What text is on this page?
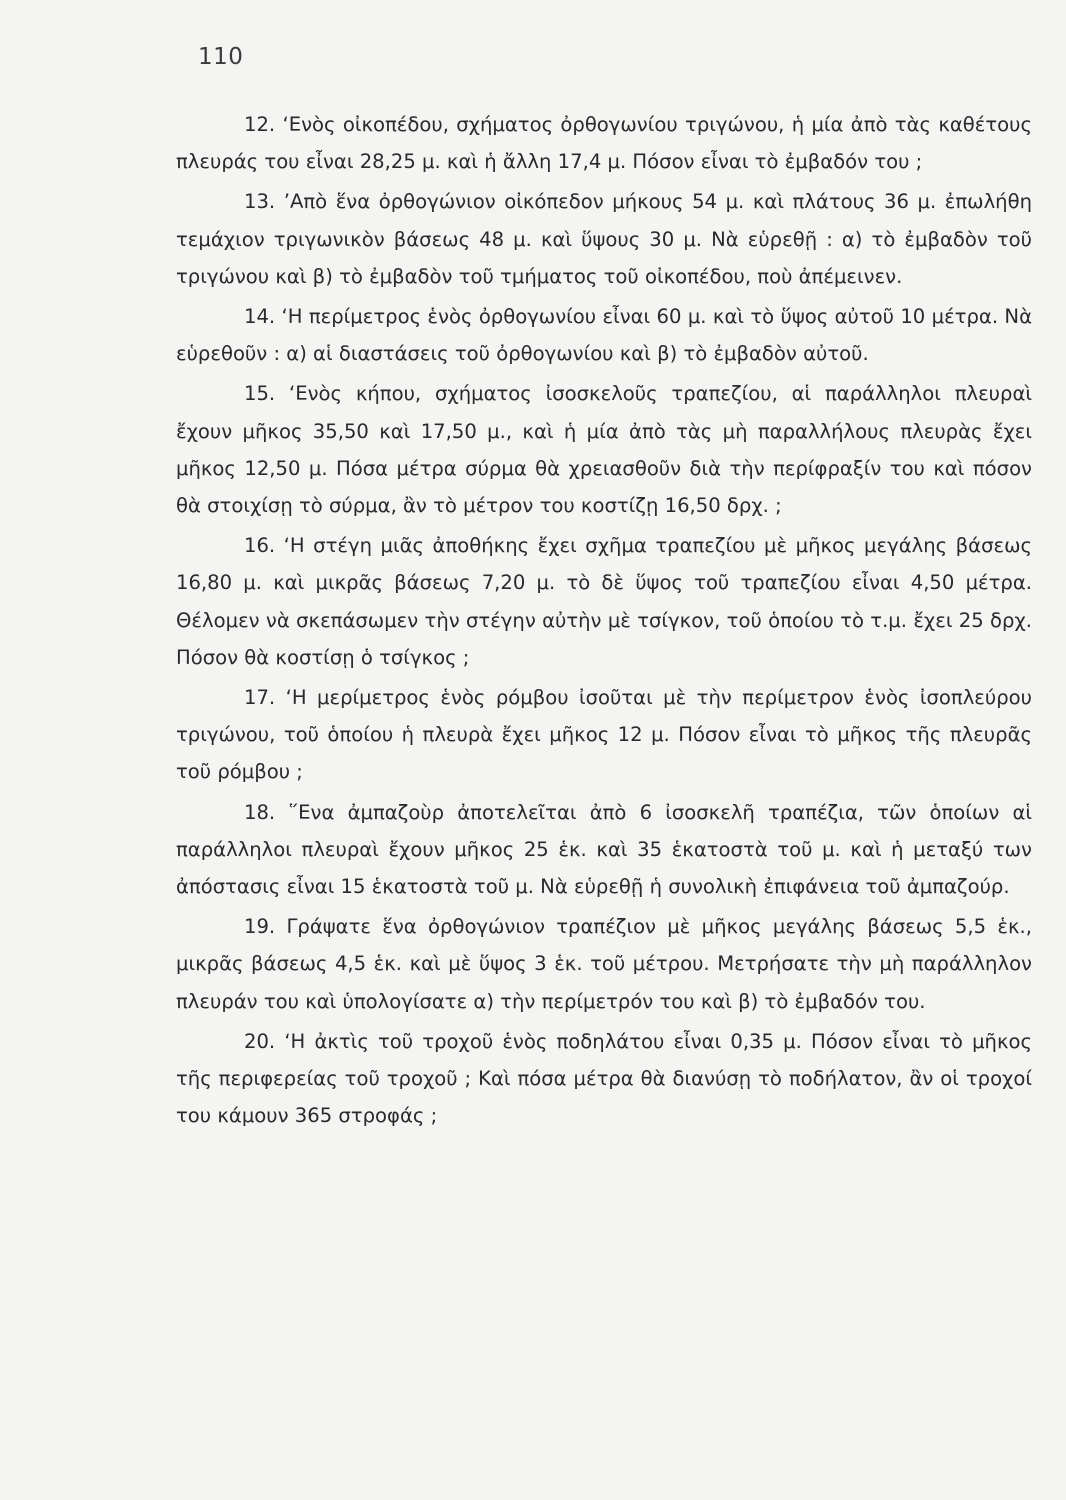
110

12. ‘Ενὸς οἰκοπέδου, σχήματος ὀρθογωνίου τριγώνου, ἡ μία ἀπὸ τὰς καθέτους πλευράς του εἶναι 28,25 μ. καὶ ἡ ἄλλη 17,4 μ. Πόσον εἶναι τὸ ἐμβαδόν του ;

13. ’Απὸ ἕνα ὀρθογώνιον οἰκόπεδον μήκους 54 μ. καὶ πλάτους 36 μ. ἐπωλήθη τεμάχιον τριγωνικὸν βάσεως 48 μ. καὶ ὕψους 30 μ. Νὰ εὑρεθῇ : α) τὸ ἐμβαδὸν τοῦ τριγώνου καὶ β) τὸ ἐμβαδὸν τοῦ τμήματος τοῦ οἰκοπέδου, ποὺ ἀπέμεινεν.

14. ‘Η περίμετρος ἑνὸς ὀρθογωνίου εἶναι 60 μ. καὶ τὸ ὕψος αὐτοῦ 10 μέτρα. Νὰ εὑρεθοῦν : α) αἱ διαστάσεις τοῦ ὀρθογωνίου καὶ β) τὸ ἐμβαδὸν αὐτοῦ.

15. ‘Ενὸς κήπου, σχήματος ἰσοσκελοῦς τραπεζίου, αἱ παράλληλοι πλευραὶ ἔχουν μῆκος 35,50 καὶ 17,50 μ., καὶ ἡ μία ἀπὸ τὰς μὴ παραλλήλους πλευρὰς ἔχει μῆκος 12,50 μ. Πόσα μέτρα σύρμα θὰ χρειασθοῦν διὰ τὴν περίφραξίν του καὶ πόσον θὰ στοιχίσῃ τὸ σύρμα, ἂν τὸ μέτρον του κοστίζῃ 16,50 δρχ. ;

16. ‘Η στέγη μιᾶς ἀποθήκης ἔχει σχῆμα τραπεζίου μὲ μῆκος μεγάλης βάσεως 16,80 μ. καὶ μικρᾶς βάσεως 7,20 μ. τὸ δὲ ὕψος τοῦ τραπεζίου εἶναι 4,50 μέτρα. Θέλομεν νὰ σκεπάσωμεν τὴν στέγην αὐτὴν μὲ τσίγκον, τοῦ ὁποίου τὸ τ.μ. ἔχει 25 δρχ. Πόσον θὰ κοστίσῃ ὁ τσίγκος ;

17. ‘Η μερίμετρος ἑνὸς ρόμβου ἰσοῦται μὲ τὴν περίμετρον ἑνὸς ἰσοπλεύρου τριγώνου, τοῦ ὁποίου ἡ πλευρὰ ἔχει μῆκος 12 μ. Πόσον εἶναι τὸ μῆκος τῆς πλευρᾶς τοῦ ρόμβου ;

18. ῞Ενα ἀμπαζοὺρ ἀποτελεῖται ἀπὸ 6 ἰσοσκελῆ τραπέζια, τῶν ὁποίων αἱ παράλληλοι πλευραὶ ἔχουν μῆκος 25 ἑκ. καὶ 35 ἑκατοστὰ τοῦ μ. καὶ ἡ μεταξύ των ἀπόστασις εἶναι 15 ἑκατοστὰ τοῦ μ. Νὰ εὑρεθῇ ἡ συνολικὴ ἐπιφάνεια τοῦ ἀμπαζούρ.

19. Γράψατε ἕνα ὀρθογώνιον τραπέζιον μὲ μῆκος μεγάλης βάσεως 5,5 ἑκ., μικρᾶς βάσεως 4,5 ἑκ. καὶ μὲ ὕψος 3 ἑκ. τοῦ μέτρου. Μετρήσατε τὴν μὴ παράλληλον πλευράν του καὶ ὑπολογίσατε α) τὴν περίμετρόν του καὶ β) τὸ ἐμβαδόν του.

20. ‘Η ἀκτὶς τοῦ τροχοῦ ἑνὸς ποδηλάτου εἶναι 0,35 μ. Πόσον εἶναι τὸ μῆκος τῆς περιφερείας τοῦ τροχοῦ ; Καὶ πόσα μέτρα θὰ διανύσῃ τὸ ποδήλατον, ἂν οἱ τροχοί του κάμουν 365 στροφάς ;
